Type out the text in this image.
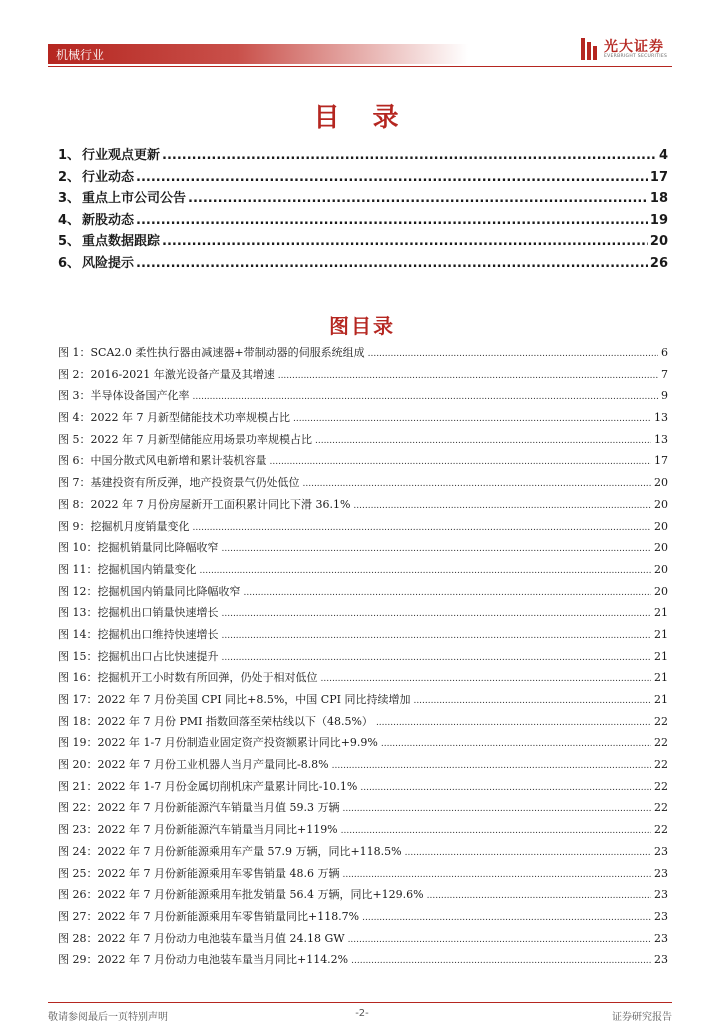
机械行业	光大证券
EVERBRIGHT SECURITIES
目 录
1、 行业观点更新 .....	4
2、 行业动态 .....	17
3、 重点上市公司公告 .....	18
4、 新股动态 .....	19
5、 重点数据跟踪 .....	20
6、 风险提示 .....	26
图目录
图 1：SCA2.0 柔性执行器由减速器+带制动器的伺服系统组成 .....	6
图 2：2016-2021 年激光设备产量及其增速 .....	7
图 3：半导体设备国产化率 .....	9
图 4：2022 年 7 月新型储能技术功率规模占比 .....	13
图 5：2022 年 7 月新型储能应用场景功率规模占比 .....	13
图 6：中国分散式风电新增和累计装机容量 .....	17
图 7：基建投资有所反弹，地产投资景气仍处低位 .....	20
图 8：2022 年 7 月份房屋新开工面积累计同比下滑 36.1% .....	20
图 9：挖掘机月度销量变化 .....	20
图 10：挖掘机销量同比降幅收窄 .....	20
图 11：挖掘机国内销量变化 .....	20
图 12：挖掘机国内销量同比降幅收窄 .....	20
图 13：挖掘机出口销量快速增长 .....	21
图 14：挖掘机出口维持快速增长 .....	21
图 15：挖掘机出口占比快速提升 .....	21
图 16：挖掘机开工小时数有所回弹，仍处于相对低位 .....	21
图 17：2022 年 7 月份美国 CPI 同比+8.5%，中国 CPI 同比持续增加 .....	21
图 18：2022 年 7 月份 PMI 指数回落至荣枯线以下（48.5%） .....	22
图 19：2022 年 1-7 月份制造业固定资产投资额累计同比+9.9% .....	22
图 20：2022 年 7 月份工业机器人当月产量同比-8.8% .....	22
图 21：2022 年 1-7 月份金属切削机床产量累计同比-10.1% .....	22
图 22：2022 年 7 月份新能源汽车销量当月值 59.3 万辆 .....	22
图 23：2022 年 7 月份新能源汽车销量当月同比+119% .....	22
图 24：2022 年 7 月份新能源乘用车产量 57.9 万辆，同比+118.5% .....	23
图 25：2022 年 7 月份新能源乘用车零售销量 48.6 万辆 .....	23
图 26：2022 年 7 月份新能源乘用车批发销量 56.4 万辆，同比+129.6% .....	23
图 27：2022 年 7 月份新能源乘用车零售销量同比+118.7% .....	23
图 28：2022 年 7 月份动力电池装车量当月值 24.18 GW .....	23
图 29：2022 年 7 月份动力电池装车量当月同比+114.2% .....	23
敬请参阅最后一页特别声明	-2-	证券研究报告
